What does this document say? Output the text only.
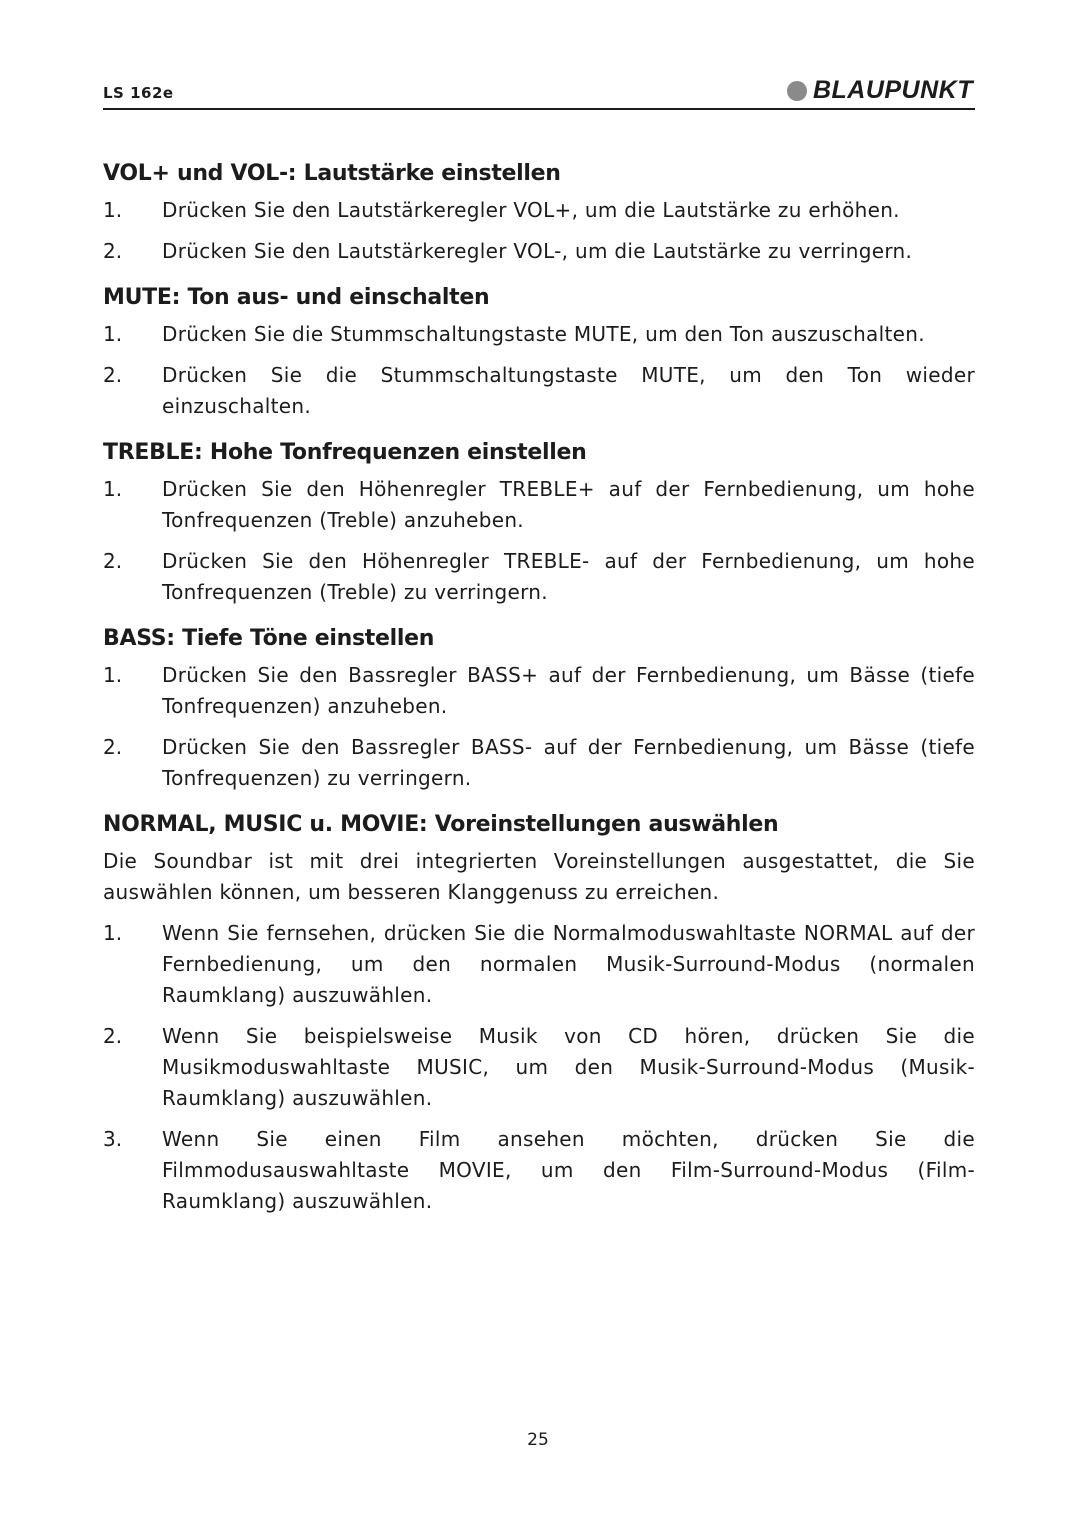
LS 162e	BLAUPUNKT
VOL+ und VOL-: Lautstärke einstellen
1. Drücken Sie den Lautstärkeregler VOL+, um die Lautstärke zu erhöhen.
2. Drücken Sie den Lautstärkeregler VOL-, um die Lautstärke zu verringern.
MUTE: Ton aus- und einschalten
1. Drücken Sie die Stummschaltungstaste MUTE, um den Ton auszuschalten.
2. Drücken Sie die Stummschaltungstaste MUTE, um den Ton wieder einzuschalten.
TREBLE: Hohe Tonfrequenzen einstellen
1. Drücken Sie den Höhenregler TREBLE+ auf der Fernbedienung, um hohe Tonfrequenzen (Treble) anzuheben.
2. Drücken Sie den Höhenregler TREBLE- auf der Fernbedienung, um hohe Tonfrequenzen (Treble) zu verringern.
BASS: Tiefe Töne einstellen
1. Drücken Sie den Bassregler BASS+ auf der Fernbedienung, um Bässe (tiefe Tonfrequenzen) anzuheben.
2. Drücken Sie den Bassregler BASS- auf der Fernbedienung, um Bässe (tiefe Tonfrequenzen) zu verringern.
NORMAL, MUSIC u. MOVIE: Voreinstellungen auswählen

Die Soundbar ist mit drei integrierten Voreinstellungen ausgestattet, die Sie auswählen können, um besseren Klanggenuss zu erreichen.

1. Wenn Sie fernsehen, drücken Sie die Normalmoduswahltaste NORMAL auf der Fernbedienung, um den normalen Musik-Surround-Modus (normalen Raumklang) auszuwählen.
2. Wenn Sie beispielsweise Musik von CD hören, drücken Sie die Musikmoduswahltaste MUSIC, um den Musik-Surround-Modus (Musik-Raumklang) auszuwählen.
3. Wenn Sie einen Film ansehen möchten, drücken Sie die Filmmodusauswahltaste MOVIE, um den Film-Surround-Modus (Film-Raumklang) auszuwählen.
25
